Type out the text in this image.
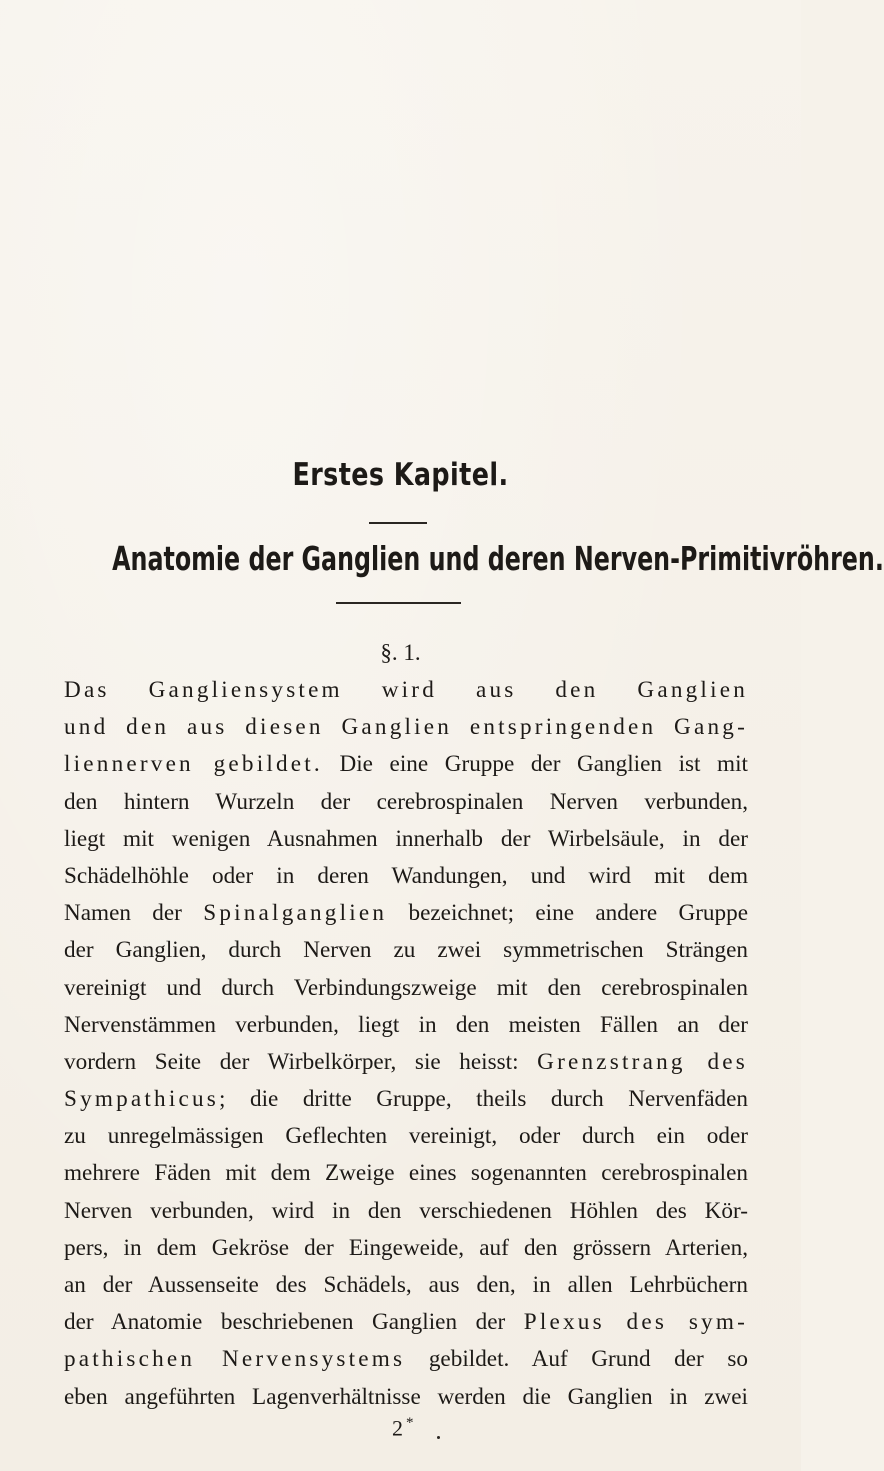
Erstes Kapitel.
Anatomie der Ganglien und deren Nerven-Primitivröhren.
§. 1.
Das Gangliensystem wird aus den Ganglien
und den aus diesen Ganglien entspringenden Gang-
liennerven gebildet. Die eine Gruppe der Ganglien ist mit
den hintern Wurzeln der cerebrospinalen Nerven verbunden,
liegt mit wenigen Ausnahmen innerhalb der Wirbelsäule, in der
Schädelhöhle oder in deren Wandungen, und wird mit dem
Namen der Spinalganglien bezeichnet; eine andere Gruppe
der Ganglien, durch Nerven zu zwei symmetrischen Strängen
vereinigt und durch Verbindungszweige mit den cerebrospinalen
Nervenstämmen verbunden, liegt in den meisten Fällen an der
vordern Seite der Wirbelkörper, sie heisst: Grenzstrang des
Sympathicus; die dritte Gruppe, theils durch Nervenfäden
zu unregelmässigen Geflechten vereinigt, oder durch ein oder
mehrere Fäden mit dem Zweige eines sogenannten cerebrospinalen
Nerven verbunden, wird in den verschiedenen Höhlen des Kör-
pers, in dem Gekröse der Eingeweide, auf den grössern Arterien,
an der Aussenseite des Schädels, aus den, in allen Lehrbüchern
der Anatomie beschriebenen Ganglien der Plexus des sym-
pathischen Nervensystems gebildet. Auf Grund der so
eben angeführten Lagenverhältnisse werden die Ganglien in zwei
2 *
